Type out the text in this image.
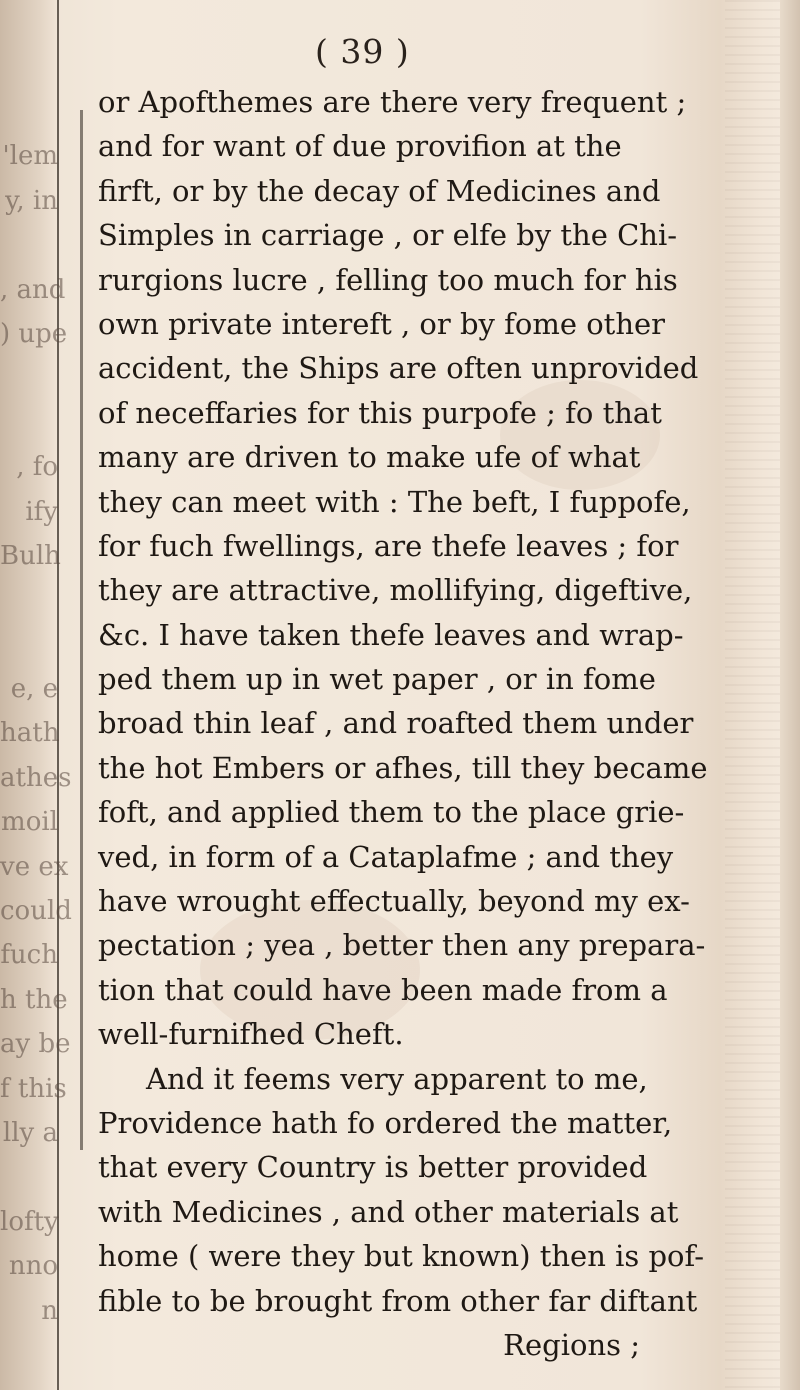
'lem
y, in
, and
) upe
, fo
ify
Bulh
e, e
hath
athes
moil
ve ex
could
fuch
h the
ay be
f this
lly a
lofty
nno
n
( 39 )
or Apofthemes are there very frequent ;
and for want of due provifion at the
firft, or by the decay of Medicines and
Simples in carriage , or elfe by the Chi-
rurgions lucre , felling too much for his
own private intereft , or by fome other
accident, the Ships are often unprovided
of neceffaries for this purpofe ; fo that
many are driven to make ufe of what
they can meet with : The beft, I fuppofe,
for fuch fwellings, are thefe leaves ; for
they are attractive, mollifying, digeftive,
&c. I have taken thefe leaves and wrap-
ped them up in wet paper , or in fome
broad thin leaf , and roafted them under
the hot Embers or afhes, till they became
foft, and applied them to the place grie-
ved, in form of a Cataplafme ; and they
have wrought effectually, beyond my ex-
pectation ; yea , better then any prepara-
tion that could have been made from a
well-furnifhed Cheft.
And it feems very apparent to me,
Providence hath fo ordered the matter,
that every Country is better provided
with Medicines , and other materials at
home ( were they but known) then is pof-
fible to be brought from other far diftant
Regions ;
